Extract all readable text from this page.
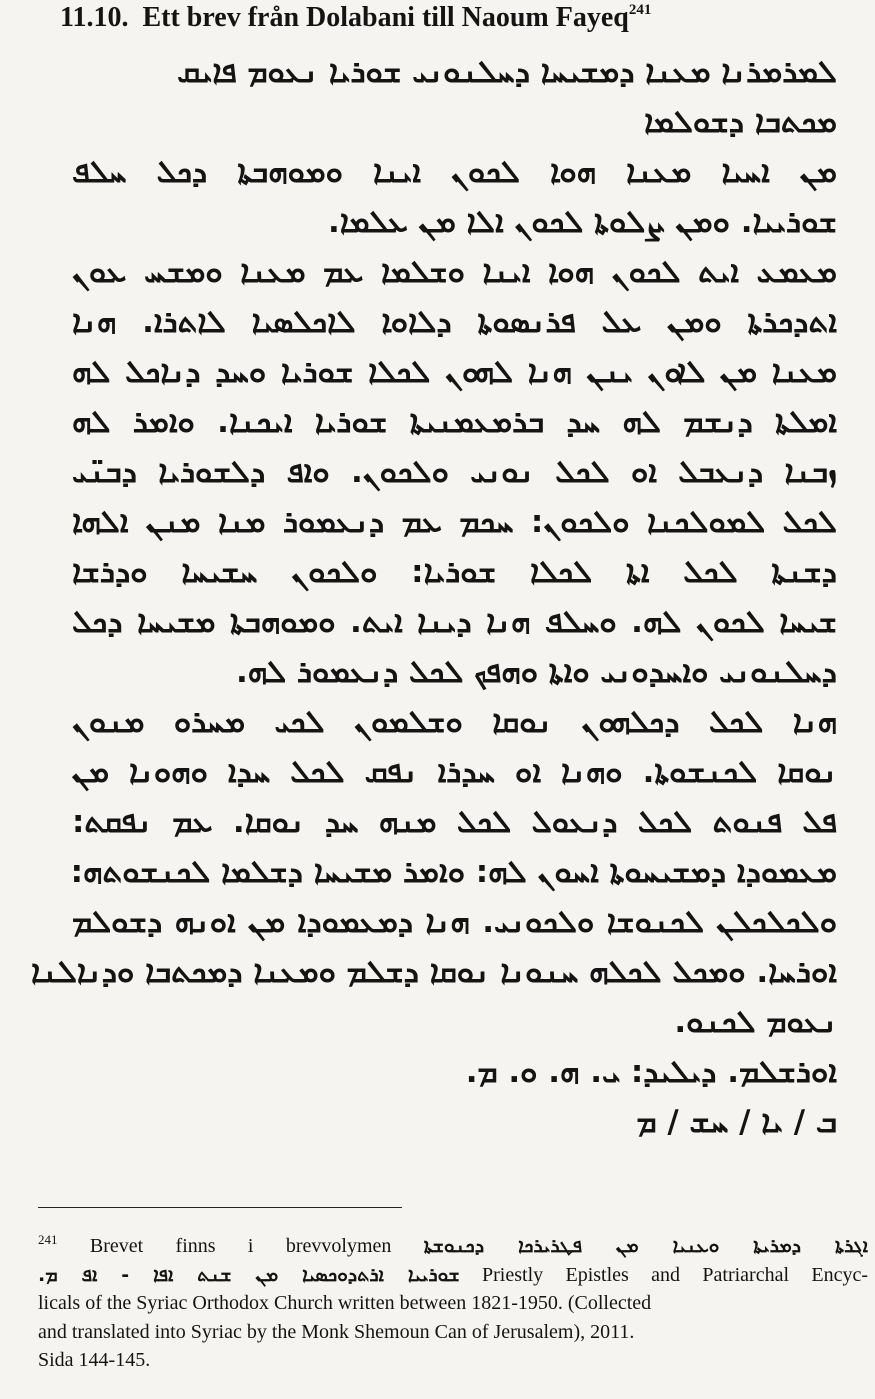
11.10. Ett brev från Dolabani till Naoum Fayeq$^{241}$
ܠܡܪܡܪܢܐ ܡܥܢܐ ܕܡܫܝܚܐ ܕܚܠܢܘܢܝ ܫܘܪܝܐ ܢܥܘܡ ܦܐܝܩ
ܡܟܬܒܐ ܕܫܘܠܡܐ
ܡܢ ܐܚܝܐ ܡܥܢܐ ܗܘܐ ܠܟܘܢ ܐܝܢܐ ܘܡܘܗܒܬܐ ܕܟܠ ܚܠܦ
ܫܘܪܝܝܐ. ܘܡܢ ܨܠܘܬܐ ܠܟܘܢ ܐܠܐ ܡܢ ܥܠܡܐ.
ܡܥܡܥ ܐܝܬ ܠܟܘܢ ܗܘܐ ܐܝܢܐ ܘܫܠܡܐ ܥܡ ܡܥܢܐ ܘܡܫܚ ܥܘܢ
ܐܬܕܟܪܬܐ ܘܡܢ ܥܠ ܦܪܢܣܘܬܐ ܕܠܐܘܐ ܠܐܟܠܣܝܐ ܠܐܬܪܐ. ܗܢܐ
ܡܥܢܐ ܡܢ ܠܐܘܢ ܝܢܢ ܗܢܐ ܠܗܘܢ ܠܟܠܐ ܫܘܪܝܐ ܘܚܕ ܕܢܐܟܠ ܠܗ
ܐܡܠܬܐ ܕܢܫܡ ܠܗ ܚܕ ܒܪܡܥܡܢܝܬܐ ܫܘܪܝܐ ܐܝܟܢܐ. ܘܐܡܪ ܠܗ
ܙܒܢܐ ܕܢܥܒܠ ܐܘ ܠܟܠ ܢܘܢܝ ܘܠܟܘܢ. ܘܐܦ ܕܠܫܘܪܝܐ ܕܒܢ̈ܝ
ܠܟܠ ܠܡܘܠܟܢܐ ܘܠܟܘܢ: ܚܟܡ ܥܡ ܕܢܥܡܘܪ ܡܢܐ ܡܢܢ ܐܠܗܐ
ܕܫܢܬܐ ܠܟܠ ܐܬܐ ܠܟܠܐ ܫܘܪܝܐ: ܘܠܟܘܢ ܚܫܝܚܐ ܘܕܪܫܐ
ܫܝܚܐ ܠܟܘܢ ܠܗ. ܘܚܠܦ ܗܢܐ ܕܝܢܐ ܐܝܬ. ܘܡܘܗܒܬܐ ܡܫܝܚܐ ܕܟܠ
ܕܚܠܢܘܢܝ ܘܐܚܕܘܢܝ ܘܐܬܐ ܘܗܦܟ ܠܟܠ ܕܢܥܡܘܪ ܠܗ.
ܗܢܐ ܠܟܠ ܕܟܠܗܘܢ ܢܘܩܐ ܘܫܠܡܘܢ ܠܟܝ ܡܚܪܘ ܡܢܘܢ
ܢܘܩܐ ܠܟܢܫܘܬܐ. ܘܗܢܐ ܐܘ ܚܕܪܐ ܢܦܩ ܠܟܠ ܚܕܐ ܘܗܘܢܐ ܡܢ
ܦܠ ܦܢܘܬ ܠܟܠ ܕܢܥܘܠ ܠܟܠ ܡܢܗ ܚܕ ܢܘܩܐ. ܥܡ ܢܦܩܬ:
ܡܥܡܘܕܐ ܕܡܫܝܚܘܬܐ ܐܚܘܢ ܠܗ: ܘܐܡܪ ܡܫܝܚܐ ܕܫܠܡܐ ܠܟܢܫܘܬܗ:
ܘܠܟܠܟܠܢ ܠܟܢܘܫܐ ܘܠܟܘܢܝ. ܗܢܐ ܕܡܥܡܘܕܐ ܡܢ ܐܘܢܗ ܕܫܘܠܡ
ܐܘܪܚܐ. ܘܡܟܠ ܠܟܠܗ ܚܢܘܢܐ ܢܘܩܐ ܕܫܠܡ ܘܡܥܢܐ ܕܡܟܬܒܐ ܘܕܢܐܠܢܐ
ܢܥܘܡ ܠܟܢܘ.
ܐܘܪܫܠܡ. ܕܝܠܝܕ: ܝ. ܗ. ܘ. ܡ.
ܒ / ܝܐ / ܚܫ / ܡ
$^{241}$ Brevet finns i brevvolymen ܐܓܪܬܐ ܕܡܪܝܬܐ ܘܥܢܝܐ ܡܢ ܦܛܪܝܪܟܐ ܕܟܢܘܫܬܐ
ܫܘܪܝܝܐ ܐܪܬܕܘܟܣܝܐ ܡܢ ܫܢܬ ܐܦܐ - ܐܦ ܡ. Priestly Epistles and Patriarchal Encyc-
licals of the Syriac Orthodox Church written between 1821-1950. (Collected
and translated into Syriac by the Monk Shemoun Can of Jerusalem), 2011.
Sida 144-145.
